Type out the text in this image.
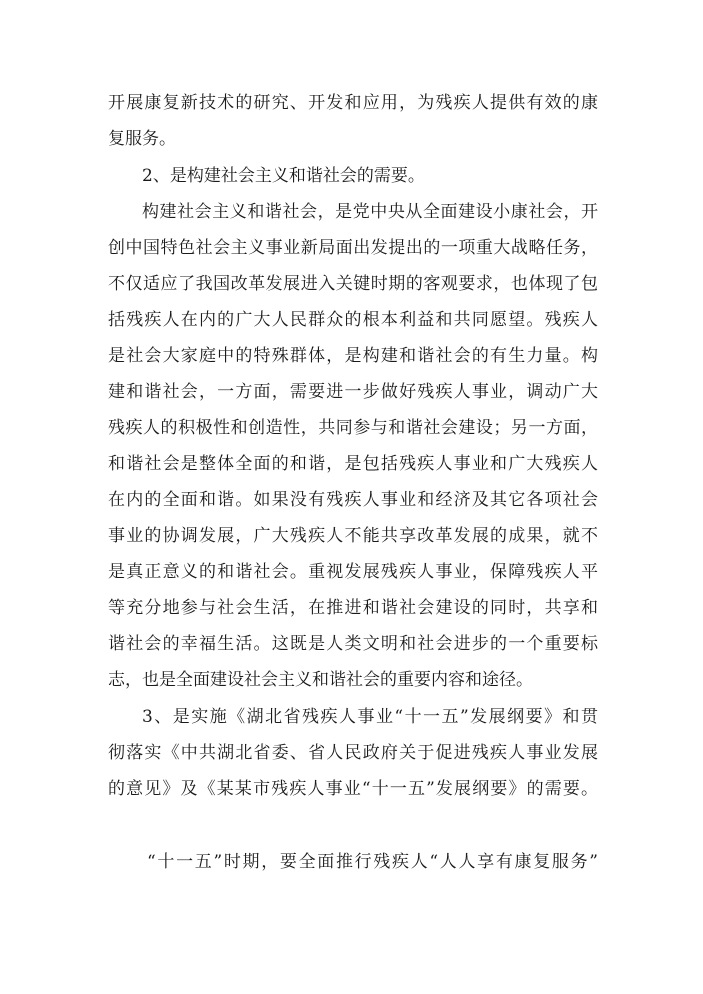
开展康复新技术的研究、开发和应用，为残疾人提供有效的康
复服务。
2、是构建社会主义和谐社会的需要。
构建社会主义和谐社会，是党中央从全面建设小康社会，开
创中国特色社会主义事业新局面出发提出的一项重大战略任务，
不仅适应了我国改革发展进入关键时期的客观要求，也体现了包
括残疾人在内的广大人民群众的根本利益和共同愿望。残疾人
是社会大家庭中的特殊群体，是构建和谐社会的有生力量。构
建和谐社会，一方面，需要进一步做好残疾人事业，调动广大
残疾人的积极性和创造性，共同参与和谐社会建设；另一方面，
和谐社会是整体全面的和谐，是包括残疾人事业和广大残疾人
在内的全面和谐。如果没有残疾人事业和经济及其它各项社会
事业的协调发展，广大残疾人不能共享改革发展的成果，就不
是真正意义的和谐社会。重视发展残疾人事业，保障残疾人平
等充分地参与社会生活，在推进和谐社会建设的同时，共享和
谐社会的幸福生活。这既是人类文明和社会进步的一个重要标
志，也是全面建设社会主义和谐社会的重要内容和途径。
3、是实施《湖北省残疾人事业“十一五”发展纲要》和贯
彻落实《中共湖北省委、省人民政府关于促进残疾人事业发展
的意见》及《某某市残疾人事业“十一五”发展纲要》的需要。
“十一五”时期，要全面推行残疾人“人人享有康复服务”
